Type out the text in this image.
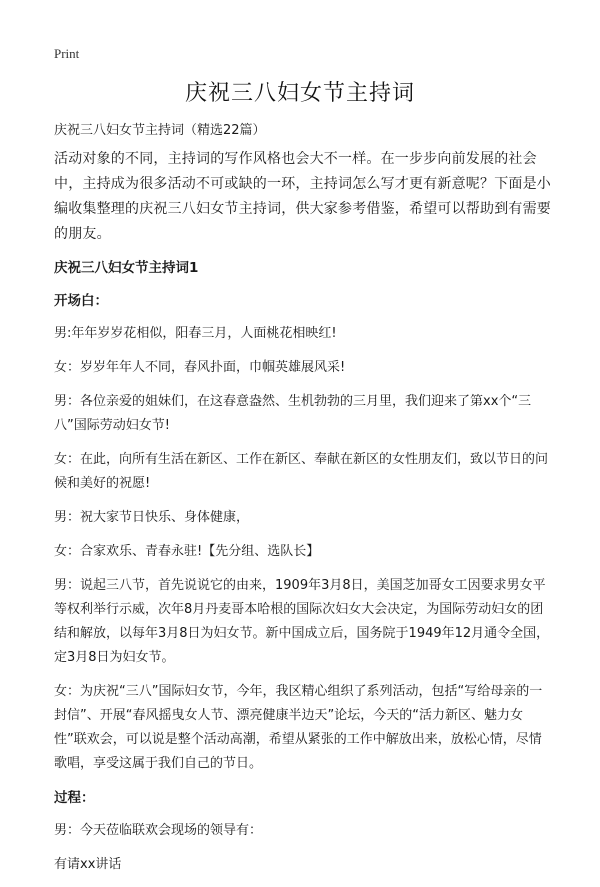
Print
庆祝三八妇女节主持词

庆祝三八妇女节主持词（精选22篇）

活动对象的不同，主持词的写作风格也会大不一样。在一步步向前发展的社会中，主持成为很多活动不可或缺的一环，主持词怎么写才更有新意呢？下面是小编收集整理的庆祝三八妇女节主持词，供大家参考借鉴，希望可以帮助到有需要的朋友。

庆祝三八妇女节主持词1

开场白：

男:年年岁岁花相似，阳春三月，人面桃花相映红!

女：岁岁年年人不同，春风扑面，巾帼英雄展风采!

男：各位亲爱的姐妹们，在这春意盎然、生机勃勃的三月里，我们迎来了第xx个“三八”国际劳动妇女节!

女：在此，向所有生活在新区、工作在新区、奉献在新区的女性朋友们，致以节日的问候和美好的祝愿!

男：祝大家节日快乐、身体健康，

女：合家欢乐、青春永驻!【先分组、选队长】

男：说起三八节，首先说说它的由来，1909年3月8日，美国芝加哥女工因要求男女平等权利举行示威，次年8月丹麦哥本哈根的国际次妇女大会决定，为国际劳动妇女的团结和解放，以每年3月8日为妇女节。新中国成立后，国务院于1949年12月通令全国，定3月8日为妇女节。

女：为庆祝“三八”国际妇女节，今年，我区精心组织了系列活动，包括“写给母亲的一封信”、开展“春风摇曳女人节、漂亮健康半边天”论坛，今天的“活力新区、魅力女性”联欢会，可以说是整个活动高潮，希望从紧张的工作中解放出来，放松心情，尽情歌唱，享受这属于我们自己的节日。

过程：

男：今天莅临联欢会现场的领导有：

有请xx讲话
